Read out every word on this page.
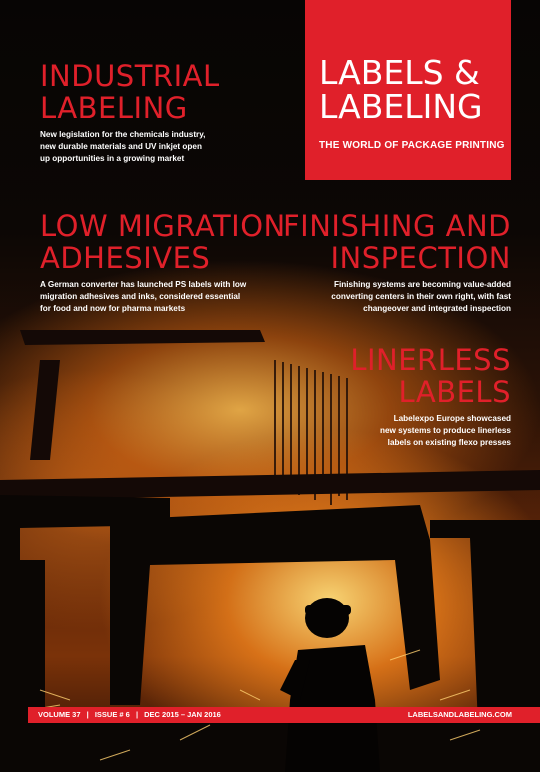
LABELS &
LABELING
THE WORLD OF PACKAGE PRINTING
INDUSTRIAL
LABELING

New legislation for the chemicals industry,
new durable materials and UV inkjet open
up opportunities in a growing market

LOW MIGRATION
ADHESIVES

A German converter has launched PS labels with low
migration adhesives and inks, considered essential
for food and now for pharma markets

FINISHING AND
INSPECTION

Finishing systems are becoming value-added
converting centers in their own right, with fast
changeover and integrated inspection

LINERLESS
LABELS

Labelexpo Europe showcased
new systems to produce linerless
labels on existing flexo presses

VOLUME 37 | ISSUE # 6 | DEC 2015 – JAN 2016	LABELSANDLABELING.COM
